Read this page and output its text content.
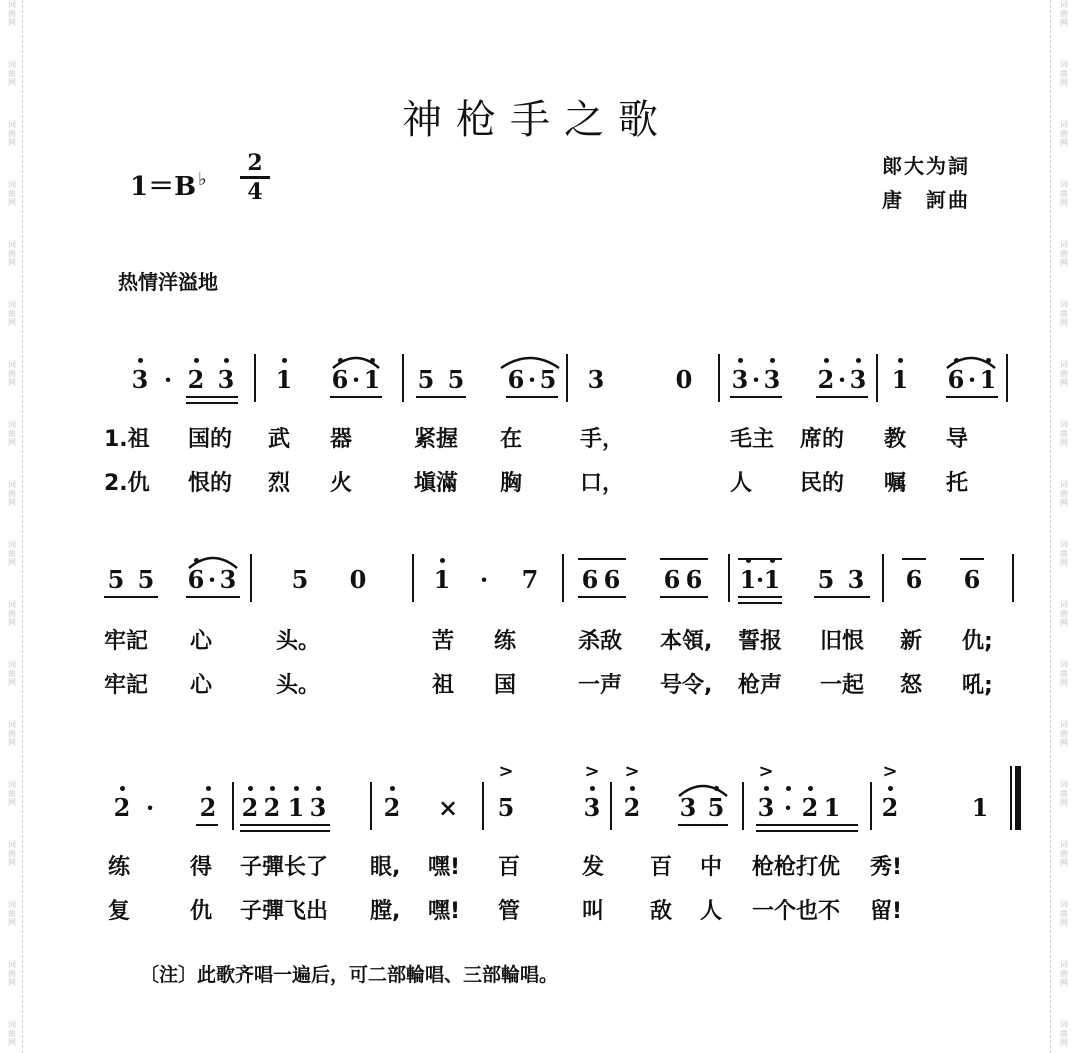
词
曲
网
词
曲
网
词
曲
网
词
曲
网
词
曲
网
词
曲
网
词
曲
网
词
曲
网
词
曲
网
词
曲
网
词
曲
网
词
曲
网
词
曲
网
词
曲
网
词
曲
网
词
曲
网
词
曲
网
词
曲
网
词
曲
网
词
曲
网
词
曲
网
词
曲
网
词
曲
网
词
曲
网
词
曲
网
词
曲
网
词
曲
网
词
曲
网
词
曲
网
词
曲
网
词
曲
网
词
曲
网
词
曲
网
词
曲
网
词
曲
网
词
曲
网
神枪手之歌
1＝B ♭
2
4
郞大为詞
唐　訶曲
热情洋溢地
3 · 2 3 1 6 · 1 5 5 6 · 5 3	0 3 · 3 2 · 3 1 6 · 1
1.祖 国的 武 器	紧握 在	手，	毛主 席的 教 导
2.仇 恨的 烈 火	塡滿 胸	口，	人 民的 嘱 托
5 5 6 · 3 5 0	1 · 7 6 6 6 6 1 · 1 5 3 6 6
牢記 心	头。	苦 练	杀敌 本領, 誓报 旧恨 新 仇;
牢記 心	头。	祖 国	一声 号令, 枪声 一起 怒 吼;
2 · 2 2 2 1 3 2 × 5	3 2 3 5 3 · 2 1 2	1
>	> >	>	>
练	得 子彈长了 眼, 嘿! 百	发 百 中 枪枪打优 秀!
复	仇 子彈飞出 膛, 嘿! 管	叫 敌 人 一个也不 留!
〔注〕此歌齐唱一遍后，可二部輪唱、三部輪唱。
